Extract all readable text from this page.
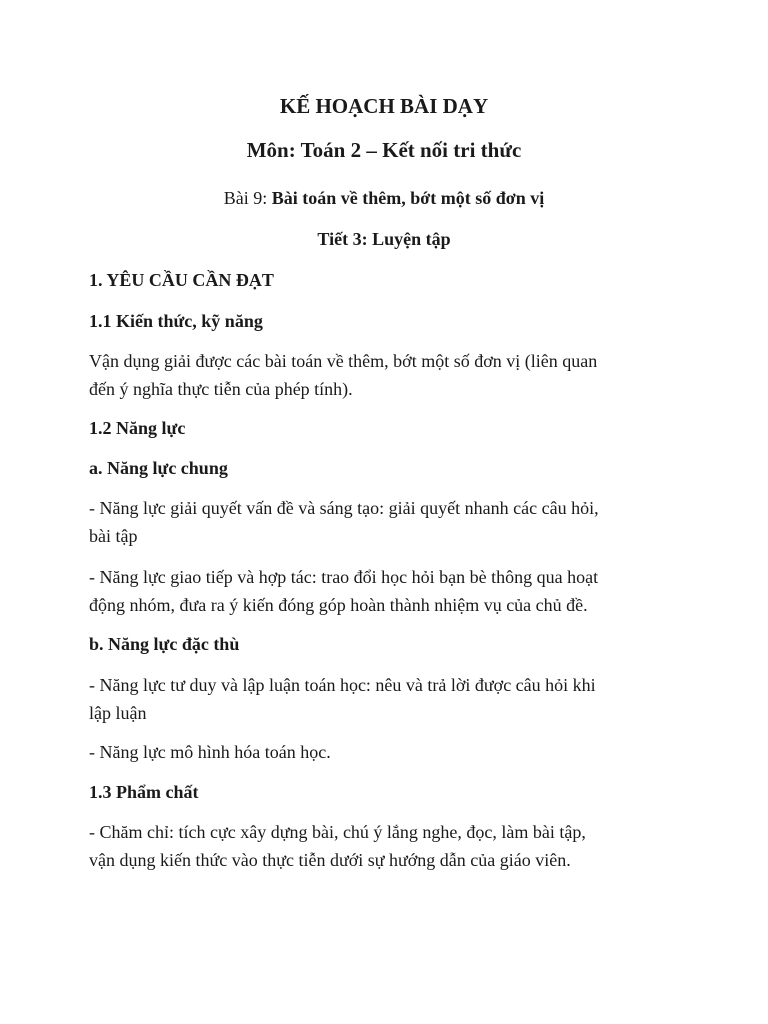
KẾ HOẠCH BÀI DẠY
Môn: Toán 2 – Kết nối tri thức
Bài 9: Bài toán về thêm, bớt một số đơn vị
Tiết 3: Luyện tập
1. YÊU CẦU CẦN ĐẠT
1.1 Kiến thức, kỹ năng
Vận dụng giải được các bài toán về thêm, bớt một số đơn vị (liên quan
đến ý nghĩa thực tiễn của phép tính).
1.2 Năng lực
a. Năng lực chung
- Năng lực giải quyết vấn đề và sáng tạo: giải quyết nhanh các câu hỏi,
bài tập
- Năng lực giao tiếp và hợp tác: trao đổi học hỏi bạn bè thông qua hoạt
động nhóm, đưa ra ý kiến đóng góp hoàn thành nhiệm vụ của chủ đề.
b. Năng lực đặc thù
- Năng lực tư duy và lập luận toán học: nêu và trả lời được câu hỏi khi
lập luận
- Năng lực mô hình hóa toán học.
1.3 Phẩm chất
- Chăm chỉ: tích cực xây dựng bài, chú ý lắng nghe, đọc, làm bài tập,
vận dụng kiến thức vào thực tiễn dưới sự hướng dẫn của giáo viên.
